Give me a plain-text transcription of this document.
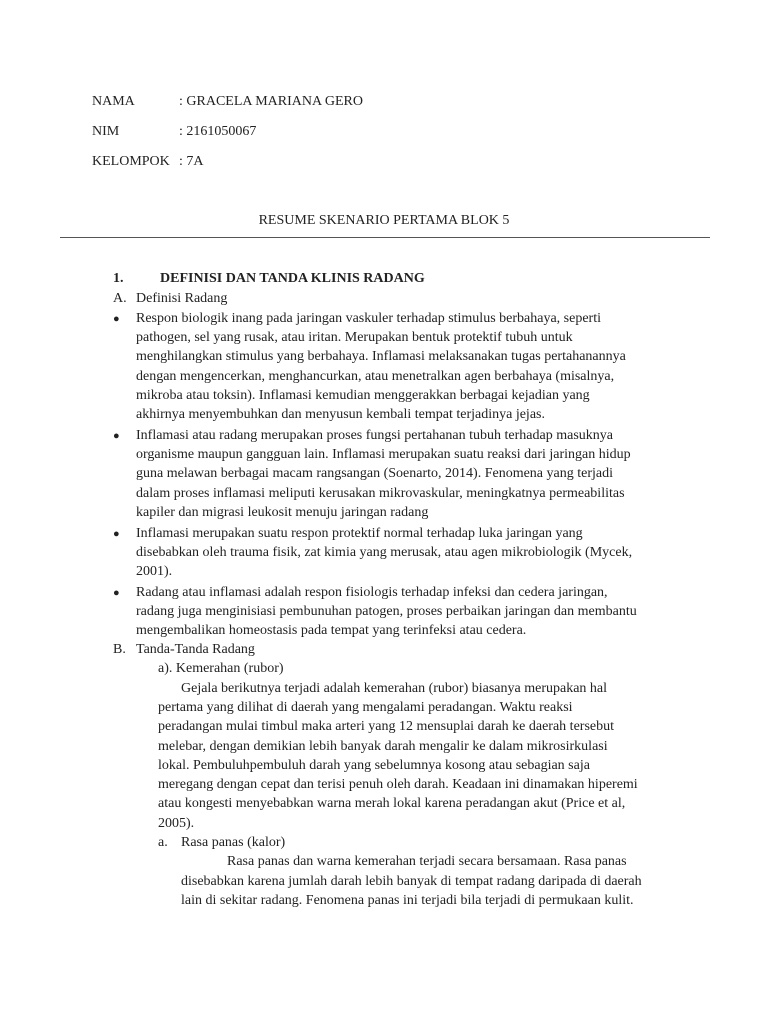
NAMA	: GRACELA MARIANA GERO
NIM	: 2161050067
KELOMPOK : 7A
RESUME SKENARIO PERTAMA BLOK 5
1.	DEFINISI DAN TANDA KLINIS RADANG
A. Definisi Radang
● Respon biologik inang pada jaringan vaskuler terhadap stimulus berbahaya, seperti
pathogen, sel yang rusak, atau iritan. Merupakan bentuk protektif tubuh untuk
menghilangkan stimulus yang berbahaya. Inflamasi melaksanakan tugas pertahanannya
dengan mengencerkan, menghancurkan, atau menetralkan agen berbahaya (misalnya,
mikroba atau toksin). Inflamasi kemudian menggerakkan berbagai kejadian yang
akhirnya menyembuhkan dan menyusun kembali tempat terjadinya jejas.
● Inflamasi atau radang merupakan proses fungsi pertahanan tubuh terhadap masuknya
organisme maupun gangguan lain. Inflamasi merupakan suatu reaksi dari jaringan hidup
guna melawan berbagai macam rangsangan (Soenarto, 2014). Fenomena yang terjadi
dalam proses inflamasi meliputi kerusakan mikrovaskular, meningkatnya permeabilitas
kapiler dan migrasi leukosit menuju jaringan radang
● Inflamasi merupakan suatu respon protektif normal terhadap luka jaringan yang
disebabkan oleh trauma fisik, zat kimia yang merusak, atau agen mikrobiologik (Mycek,
2001).
● Radang atau inflamasi adalah respon fisiologis terhadap infeksi dan cedera jaringan,
radang juga menginisiasi pembunuhan patogen, proses perbaikan jaringan dan membantu
mengembalikan homeostasis pada tempat yang terinfeksi atau cedera.
B. Tanda-Tanda Radang
a). Kemerahan (rubor)
Gejala berikutnya terjadi adalah kemerahan (rubor) biasanya merupakan hal
pertama yang dilihat di daerah yang mengalami peradangan. Waktu reaksi
peradangan mulai timbul maka arteri yang 12 mensuplai darah ke daerah tersebut
melebar, dengan demikian lebih banyak darah mengalir ke dalam mikrosirkulasi
lokal. Pembuluhpembuluh darah yang sebelumnya kosong atau sebagian saja
meregang dengan cepat dan terisi penuh oleh darah. Keadaan ini dinamakan hiperemi
atau kongesti menyebabkan warna merah lokal karena peradangan akut (Price et al,
2005).
a. Rasa panas (kalor)
Rasa panas dan warna kemerahan terjadi secara bersamaan. Rasa panas
disebabkan karena jumlah darah lebih banyak di tempat radang daripada di daerah
lain di sekitar radang. Fenomena panas ini terjadi bila terjadi di permukaan kulit.
